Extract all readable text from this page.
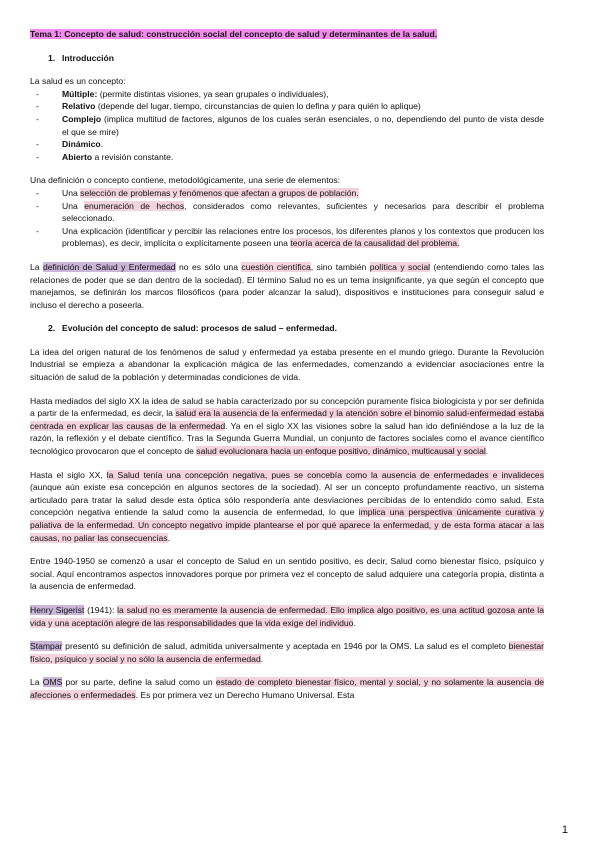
Tema 1: Concepto de salud: construcción social del concepto de salud y determinantes de la salud.

1. Introducción

La salud es un concepto:

- Múltiple: (permite distintas visiones, ya sean grupales o individuales),
- Relativo (depende del lugar, tiempo, circunstancias de quien lo defina y para quién lo aplique)
- Complejo (implica multitud de factores, algunos de los cuales serán esenciales, o no, dependiendo del punto de vista desde el que se mire)
- Dinámico.
- Abierto a revisión constante.

Una definición o concepto contiene, metodológicamente, una serie de elementos:

- Una selección de problemas y fenómenos que afectan a grupos de población.
- Una enumeración de hechos, considerados como relevantes, suficientes y necesarios para describir el problema seleccionado.
- Una explicación (identificar y percibir las relaciones entre los procesos, los diferentes planos y los contextos que producen los problemas), es decir, implícita o explícitamente poseen una teoría acerca de la causalidad del problema.

La definición de Salud y Enfermedad no es sólo una cuestión científica, sino también política y social (entendiendo como tales las relaciones de poder que se dan dentro de la sociedad). El término Salud no es un tema insignificante, ya que según el concepto que manejamos, se definirán los marcos filosóficos (para poder alcanzar la salud), dispositivos e instituciones para conseguir salud e incluso el derecho a poseerla.

2. Evolución del concepto de salud: procesos de salud – enfermedad.

La idea del origen natural de los fenómenos de salud y enfermedad ya estaba presente en el mundo griego. Durante la Revolución Industrial se empieza a abandonar la explicación mágica de las enfermedades, comenzando a evidenciar asociaciones entre la situación de salud de la población y determinadas condiciones de vida.

Hasta mediados del siglo XX la idea de salud se había caracterizado por su concepción puramente física biologicista y por ser definida a partir de la enfermedad, es decir, la salud era la ausencia de la enfermedad y la atención sobre el binomio salud-enfermedad estaba centrada en explicar las causas de la enfermedad. Ya en el siglo XX las visiones sobre la salud han ido definiéndose a la luz de la razón, la reflexión y el debate científico. Tras la Segunda Guerra Mundial, un conjunto de factores sociales como el avance científico tecnológico provocaron que el concepto de salud evolucionara hacia un enfoque positivo, dinámico, multicausal y social.

Hasta el siglo XX, la Salud tenía una concepción negativa, pues se concebía como la ausencia de enfermedades e invalideces (aunque aún existe esa concepción en algunos sectores de la sociedad). Al ser un concepto profundamente reactivo, un sistema articulado para tratar la salud desde esta óptica sólo respondería ante desviaciones percibidas de lo entendido como salud. Esta concepción negativa entiende la salud como la ausencia de enfermedad, lo que implica una perspectiva únicamente curativa y paliativa de la enfermedad. Un concepto negativo impide plantearse el por qué aparece la enfermedad, y de esta forma atacar a las causas, no paliar las consecuencias.

Entre 1940-1950 se comenzó a usar el concepto de Salud en un sentido positivo, es decir, Salud como bienestar físico, psíquico y social. Aquí encontramos aspectos innovadores porque por primera vez el concepto de salud adquiere una categoría propia, distinta a la ausencia de enfermedad.

Henry Sigerist (1941): la salud no es meramente la ausencia de enfermedad. Ello implica algo positivo, es una actitud gozosa ante la vida y una aceptación alegre de las responsabilidades que la vida exige del individuo.

Stampar presentó su definición de salud, admitida universalmente y aceptada en 1946 por la OMS. La salud es el completo bienestar físico, psíquico y social y no sólo la ausencia de enfermedad.

La OMS por su parte, define la salud como un estado de completo bienestar físico, mental y social, y no solamente la ausencia de afecciones o enfermedades. Es por primera vez un Derecho Humano Universal. Esta

1
